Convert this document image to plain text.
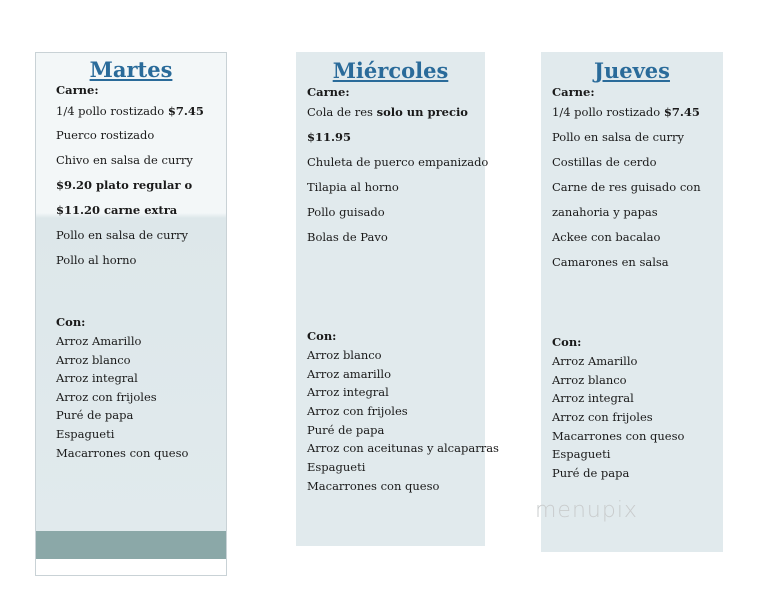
Martes
Carne:
1/4 pollo rostizado $7.45
Puerco rostizado
Chivo en salsa de curry
$9.20 plato regular o
$11.20 carne extra
Pollo en salsa de curry
Pollo al horno
Con:
Arroz Amarillo
Arroz blanco
Arroz integral
Arroz con frijoles
Puré de papa
Espagueti
Macarrones con queso
Miércoles
Carne:
Cola de res solo un precio
$11.95
Chuleta de puerco empanizado
Tilapia al horno
Pollo guisado
Bolas de Pavo
Con:
Arroz blanco
Arroz amarillo
Arroz integral
Arroz con frijoles
Puré de papa
Arroz con aceitunas y alcaparras
Espagueti
Macarrones con queso
Jueves
Carne:
1/4 pollo rostizado $7.45
Pollo en salsa de curry
Costillas de cerdo
Carne de res guisado con
zanahoria y papas
Ackee con bacalao
Camarones en salsa
Con:
Arroz Amarillo
Arroz blanco
Arroz integral
Arroz con frijoles
Macarrones con queso
Espagueti
Puré de papa
menupix
